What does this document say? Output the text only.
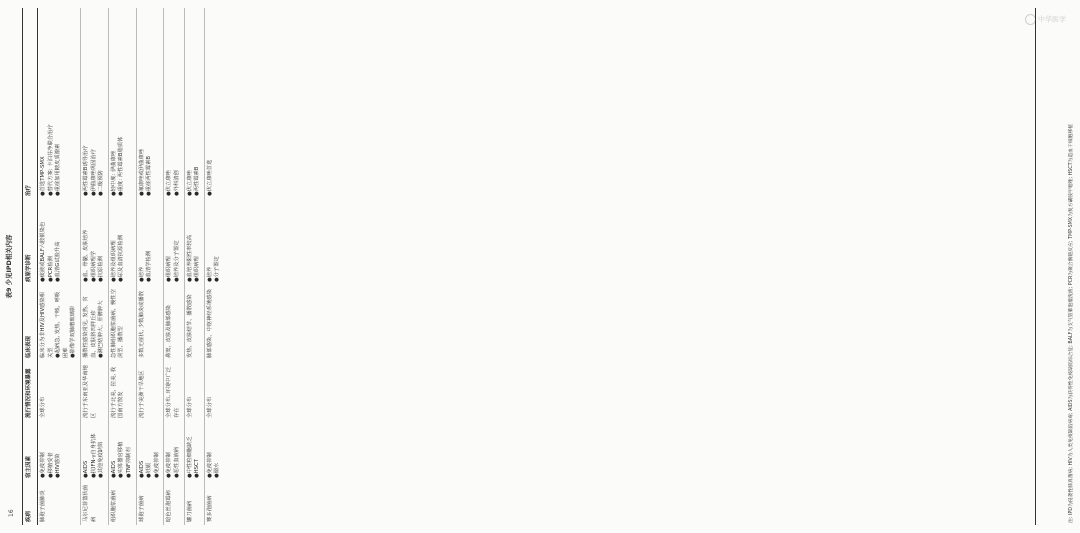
中华医学
16
表9 少见IPD相关内容
疾病
宿主因素
流行情况和环境暴露
临床表现
病原学诊断
治疗
肺孢子菌肺炎
●免疫抑制 ●移植受者 ●HIV感染
全球分布
临床分为非HIV及HIV感染相关型 ●起病急, 发热、干咳、呼吸困难 ●影像学双肺磨玻璃影
●痰液或BALF六胺银染色 ●PCR检测 ●血清G试验升高
●首选TMP-SMX ●替代方案: 卡泊芬净联合治疗 ●重症加用糖皮质激素
马尔尼菲篮状菌病
●AIDS ●抗IFN-γ自身抗体 ●其他免疫缺陷
流行于东南亚及华南地区
播散性感染常见, 发热、贫血、皮肤脐凹样丘疹 ●淋巴结肿大、肝脾肿大
●血、骨髓、皮肤培养 ●组织病理学 ●抗原检测
●两性霉素B诱导治疗 ●伊曲康唑巩固治疗 ●二级预防
组织胞浆菌病
●AIDS ●实体器官移植 ●TNF抑制剂
流行于北美、拉美, 我国南方散发
急性肺组织胞浆菌病、慢性空洞型、播散型
●培养及组织病理 ●尿及血清抗原检测
●轻中度: 伊曲康唑 ●重度: 两性霉素B脂质体
球孢子菌病
●AIDS ●妊娠 ●免疫抑制
流行于美洲干旱地区
多数无症状, 少数肺炎或播散
●培养 ●血清学检测
●氟康唑或伊曲康唑 ●重症两性霉素B
暗色丝孢霉病
●免疫抑制 ●恶性血液病
全球分布, 环境中广泛存在
鼻窦、皮肤及肺部感染
●组织病理 ●培养及分子鉴定
●伏立康唑 ●外科清创
镰刀菌病
●中性粒细胞缺乏 ●HSCT
全球分布
发热、皮肤结节、播散感染
●血培养阳性率较高 ●组织病理
●伏立康唑 ●两性霉素B
赛多孢菌病
●免疫抑制 ●溺水
全球分布
肺部感染、中枢神经系统感染
●培养 ●分子鉴定
●伏立康唑首选	注: IPD为侵袭性肺真菌病; HIV为人类免疫缺陷病毒; AIDS为获得性免疫缺陷综合征; BALF为支气管肺泡灌洗液; PCR为聚合酶链反应; TMP-SMX为复方磺胺甲噁唑; HSCT为造血干细胞移植
